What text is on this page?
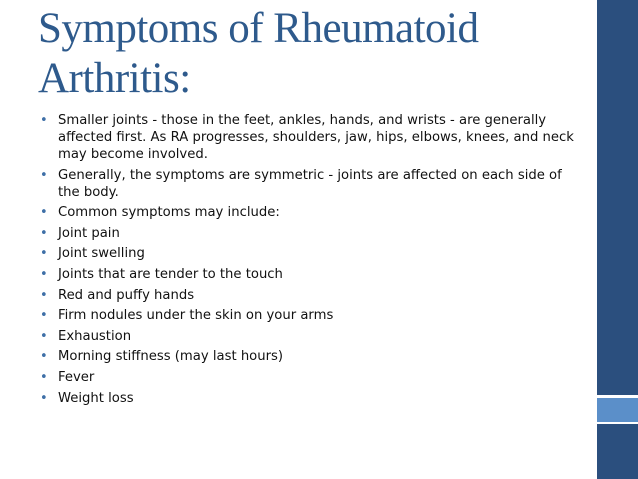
Symptoms of Rheumatoid Arthritis:
• Smaller joints - those in the feet, ankles, hands, and wrists - are generally affected first. As RA progresses, shoulders, jaw, hips, elbows, knees, and neck may become involved.
• Generally, the symptoms are symmetric - joints are affected on each side of the body.
• Common symptoms may include:
• Joint pain
• Joint swelling
• Joints that are tender to the touch
• Red and puffy hands
• Firm nodules under the skin on your arms
• Exhaustion
• Morning stiffness (may last hours)
• Fever
• Weight loss
